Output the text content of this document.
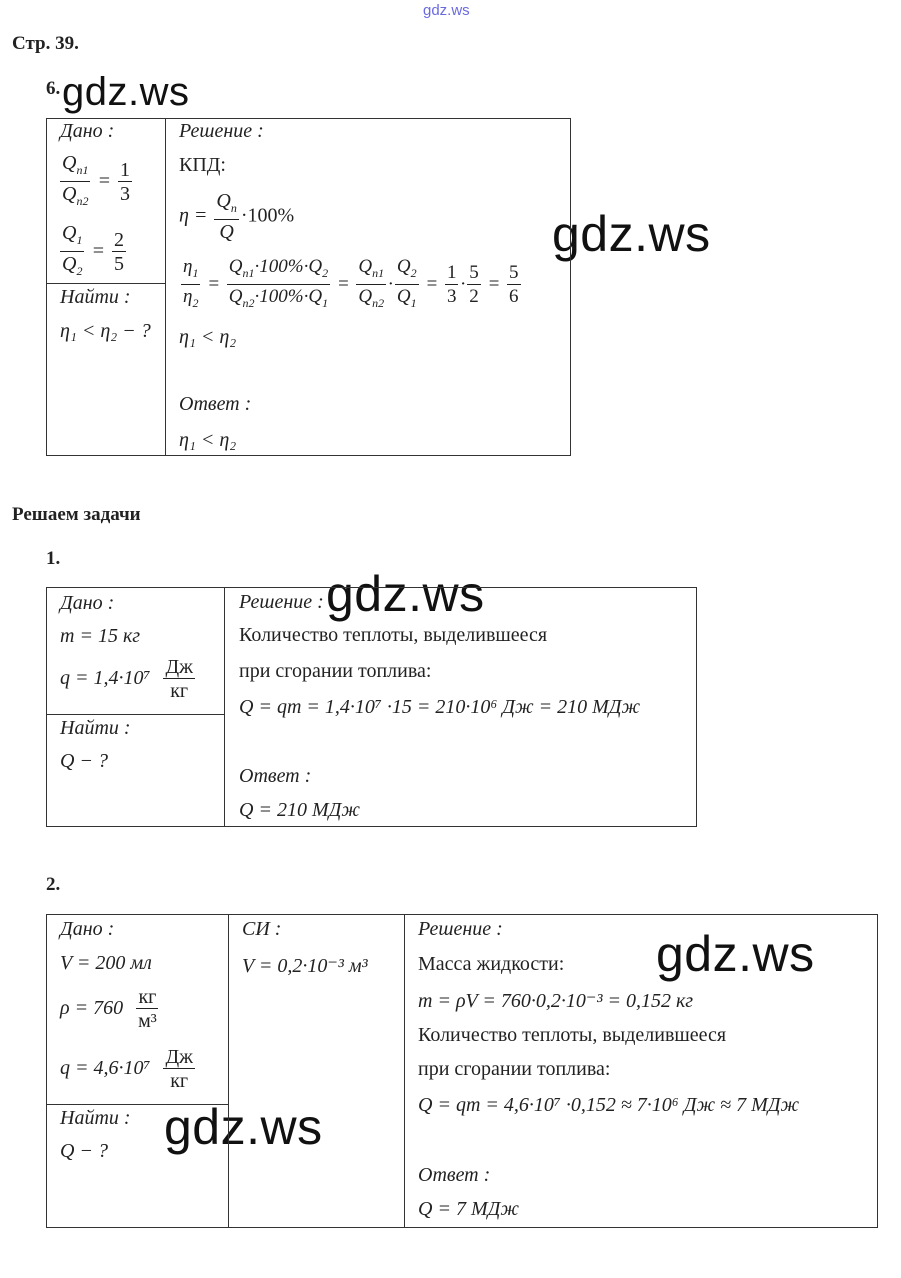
gdz.ws
gdz.ws
gdz.ws
gdz.ws
gdz.ws
gdz.ws
Стр. 39.
6.
Дано :
$\frac{Q_{п1}}{Q_{п2}} = \frac{1}{3}$
$\frac{Q_1}{Q_2} = \frac{2}{5}$
Найти :
η₁ < η₂ − ?
Решение :
КПД:
$\eta = \frac{Q_п}{Q} \cdot 100\%$
$\frac{\eta_1}{\eta_2} = \frac{Q_{п1}\cdot 100\%\cdot Q_2}{Q_{п2}\cdot 100\%\cdot Q_1} = \frac{Q_{п1}}{Q_{п2}} \cdot \frac{Q_2}{Q_1} = \frac{1}{3} \cdot \frac{5}{2} = \frac{5}{6}$
η₁ < η₂
Ответ :
η₁ < η₂
Решаем задачи
1.
Дано :
m = 15 кг
$q = 1,4\cdot 10^7 \frac{Дж}{кг}$
Найти :
Q − ?
Решение :
Количество теплоты, выделившееся
при сгорании топлива:
Q = qm = 1,4·10⁷ ·15 = 210·10⁶ Дж = 210 МДж
Ответ :
Q = 210 МДж
2.
Дано :
V = 200 мл
$\rho = 760 \frac{кг}{\text{м³}}$
$q = 4,6\cdot 10^7 \frac{Дж}{кг}$
Найти :
Q − ?
СИ :
V = 0,2·10⁻³ м³
Решение :
Масса жидкости:
m = ρV = 760·0,2·10⁻³ = 0,152 кг
Количество теплоты, выделившееся
при сгорании топлива:
Q = qm = 4,6·10⁷ ·0,152 ≈ 7·10⁶ Дж ≈ 7 МДж
Ответ :
Q = 7 МДж
